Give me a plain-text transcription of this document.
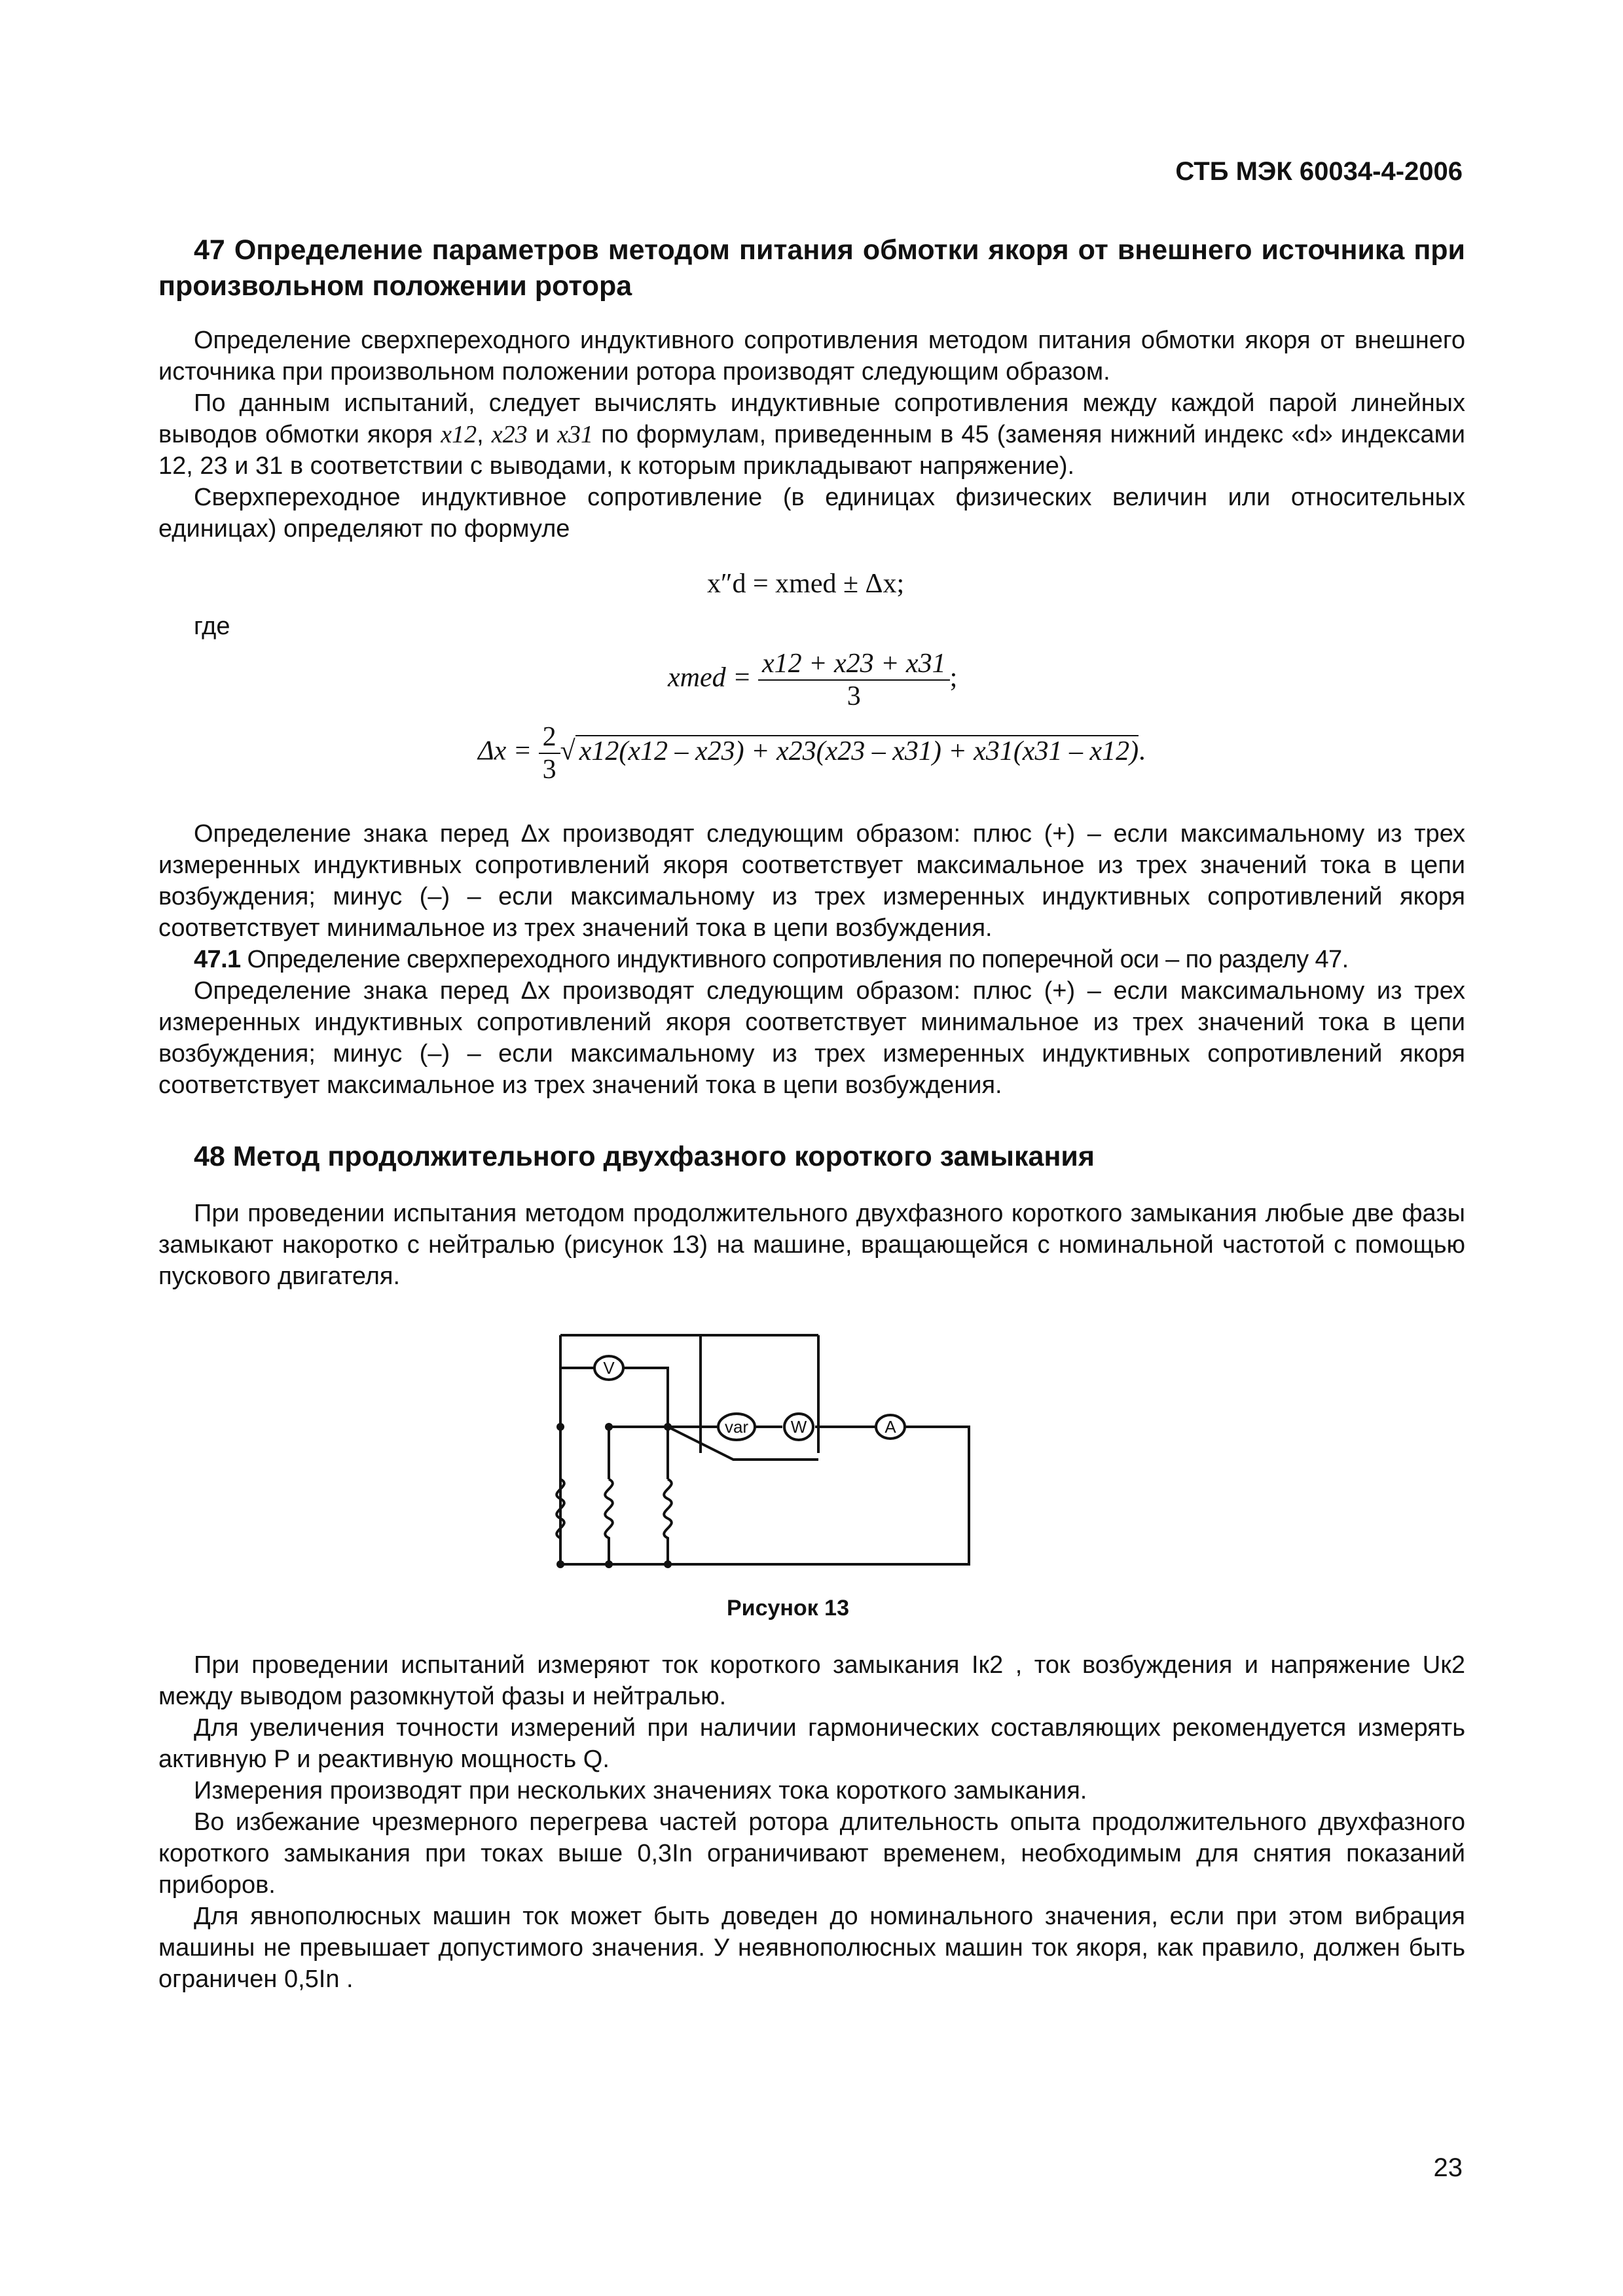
СТБ МЭК 60034-4-2006

47 Определение параметров методом питания обмотки якоря от внешнего источника при произвольном положении ротора

Определение сверхпереходного индуктивного сопротивления методом питания обмотки якоря от внешнего источника при произвольном положении ротора производят следующим образом.

По данным испытаний, следует вычислять индуктивные сопротивления между каждой парой линейных выводов обмотки якоря x12, x23 и x31 по формулам, приведенным в 45 (заменяя нижний индекс «d» индексами 12, 23 и 31 в соответствии с выводами, к которым прикладывают напряжение).

Сверхпереходное индуктивное сопротивление (в единицах физических величин или относительных единицах) определяют по формуле

x″d = xmed ± Δx;
где
xmed = $\frac{x12 + x23 + x31}{3}$ ;
$\Delta x = \frac{2}{3}$ √ x12(x12 – x23) + x23(x23 – x31) + x31(x31 – x12).

Определение знака перед Δx производят следующим образом: плюс (+) – если максимальному из трех измеренных индуктивных сопротивлений якоря соответствует максимальное из трех значений тока в цепи возбуждения; минус (–) – если максимальному из трех измеренных индуктивных сопротивлений якоря соответствует минимальное из трех значений тока в цепи возбуждения.

47.1 Определение сверхпереходного индуктивного сопротивления по поперечной оси – по разделу 47.

Определение знака перед Δx производят следующим образом: плюс (+) – если максимальному из трех измеренных индуктивных сопротивлений якоря соответствует минимальное из трех значений тока в цепи возбуждения; минус (–) – если максимальному из трех измеренных индуктивных сопротивлений якоря соответствует максимальное из трех значений тока в цепи возбуждения.

48 Метод продолжительного двухфазного короткого замыкания

При проведении испытания методом продолжительного двухфазного короткого замыкания любые две фазы замыкают накоротко с нейтралью (рисунок 13) на машине, вращающейся с номинальной частотой с помощью пускового двигателя.

V
var W	A
Рисунок 13

При проведении испытаний измеряют ток короткого замыкания Iк2 , ток возбуждения и напряжение Uк2 между выводом разомкнутой фазы и нейтралью.

Для увеличения точности измерений при наличии гармонических составляющих рекомендуется измерять активную P и реактивную мощность Q.

Измерения производят при нескольких значениях тока короткого замыкания.

Во избежание чрезмерного перегрева частей ротора длительность опыта продолжительного двухфазного короткого замыкания при токах выше 0,3In ограничивают временем, необходимым для снятия показаний приборов.

Для явнополюсных машин ток может быть доведен до номинального значения, если при этом вибрация машины не превышает допустимого значения. У неявнополюсных машин ток якоря, как правило, должен быть ограничен 0,5In .

23
